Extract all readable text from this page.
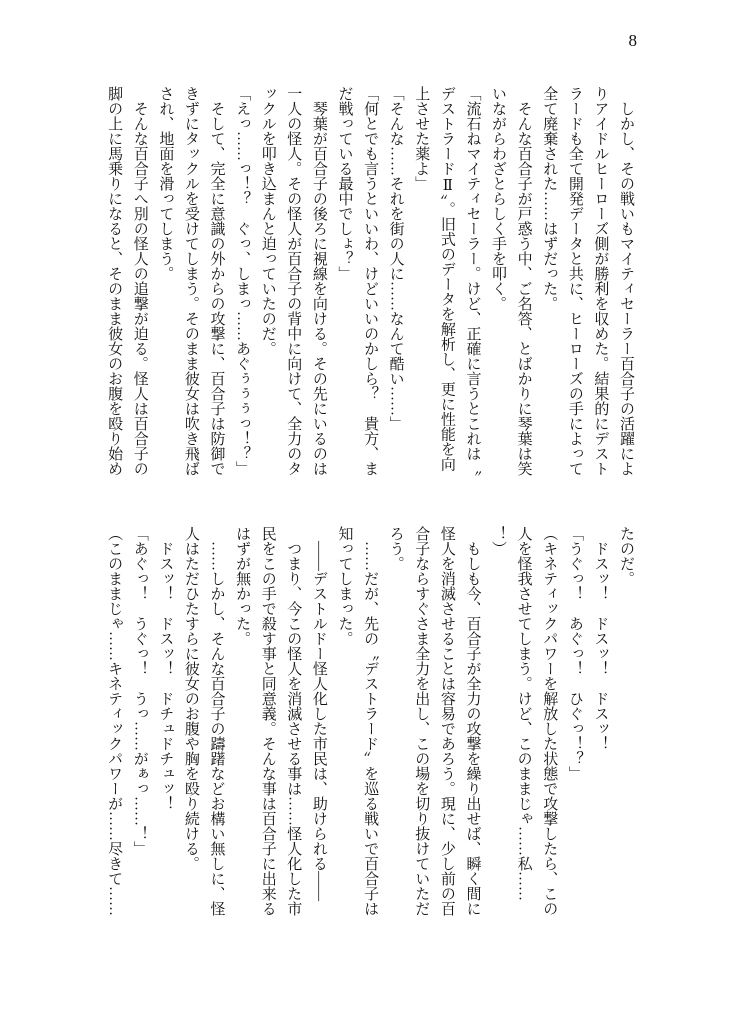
8
　しかし、その戦いもマイティセーラー百合子の活躍によ
りアイドルヒーローズ側が勝利を収めた。結果的にデスト
ラードも全て開発データと共に、ヒーローズの手によって
全て廃棄された……はずだった。
　そんな百合子が戸惑う中、ご名答、とばかりに琴葉は笑
いながらわざとらしく手を叩く。
「流石ねマイティセーラー。けど、正確に言うとこれは〝
デストラードⅡ〟。旧式のデータを解析し、更に性能を向
上させた薬よ」
「そんな……それを街の人に……なんて酷い……」
「何とでも言うといいわ、けどいいのかしら？　貴方、ま
だ戦っている最中でしょ？」
　琴葉が百合子の後ろに視線を向ける。その先にいるのは
一人の怪人。その怪人が百合子の背中に向けて、全力のタ
ックルを叩き込まんと迫っていたのだ。
「えっ……っ！？　ぐっ、しまっ……あぐぅぅぅっ！？」
　そして、完全に意識の外からの攻撃に、百合子は防御で
きずにタックルを受けてしまう。そのまま彼女は吹き飛ば
され、地面を滑ってしまう。
　そんな百合子へ別の怪人の追撃が迫る。怪人は百合子の
脚の上に馬乗りになると、そのまま彼女のお腹を殴り始め
たのだ。
　ドスッ！　ドスッ！　ドスッ！
「うぐっ！　あぐっ！　ひぐっ！？」
（キネティックパワーを解放した状態で攻撃したら、この
人を怪我させてしまう。けど、このままじゃ……私……
！）
　もしも今、百合子が全力の攻撃を繰り出せば、瞬く間に
怪人を消滅させることは容易であろう。現に、少し前の百
合子ならすぐさま全力を出し、この場を切り抜けていただ
ろう。
　……だが、先の〝デストラード〟を巡る戦いで百合子は
知ってしまった。
　――デストルドー怪人化した市民は、助けられる――
　つまり、今この怪人を消滅させる事は……怪人化した市
民をこの手で殺す事と同意義。そんな事は百合子に出来る
はずが無かった。
　……しかし、そんな百合子の躊躇などお構い無しに、怪
人はただひたすらに彼女のお腹や胸を殴り続ける。
　ドスッ！　ドスッ！　ドチュドチュッ！
「あぐっ！　うぐっ！　うっ……がぁっ……！」
（このままじゃ……キネティックパワーが……尽きて……
